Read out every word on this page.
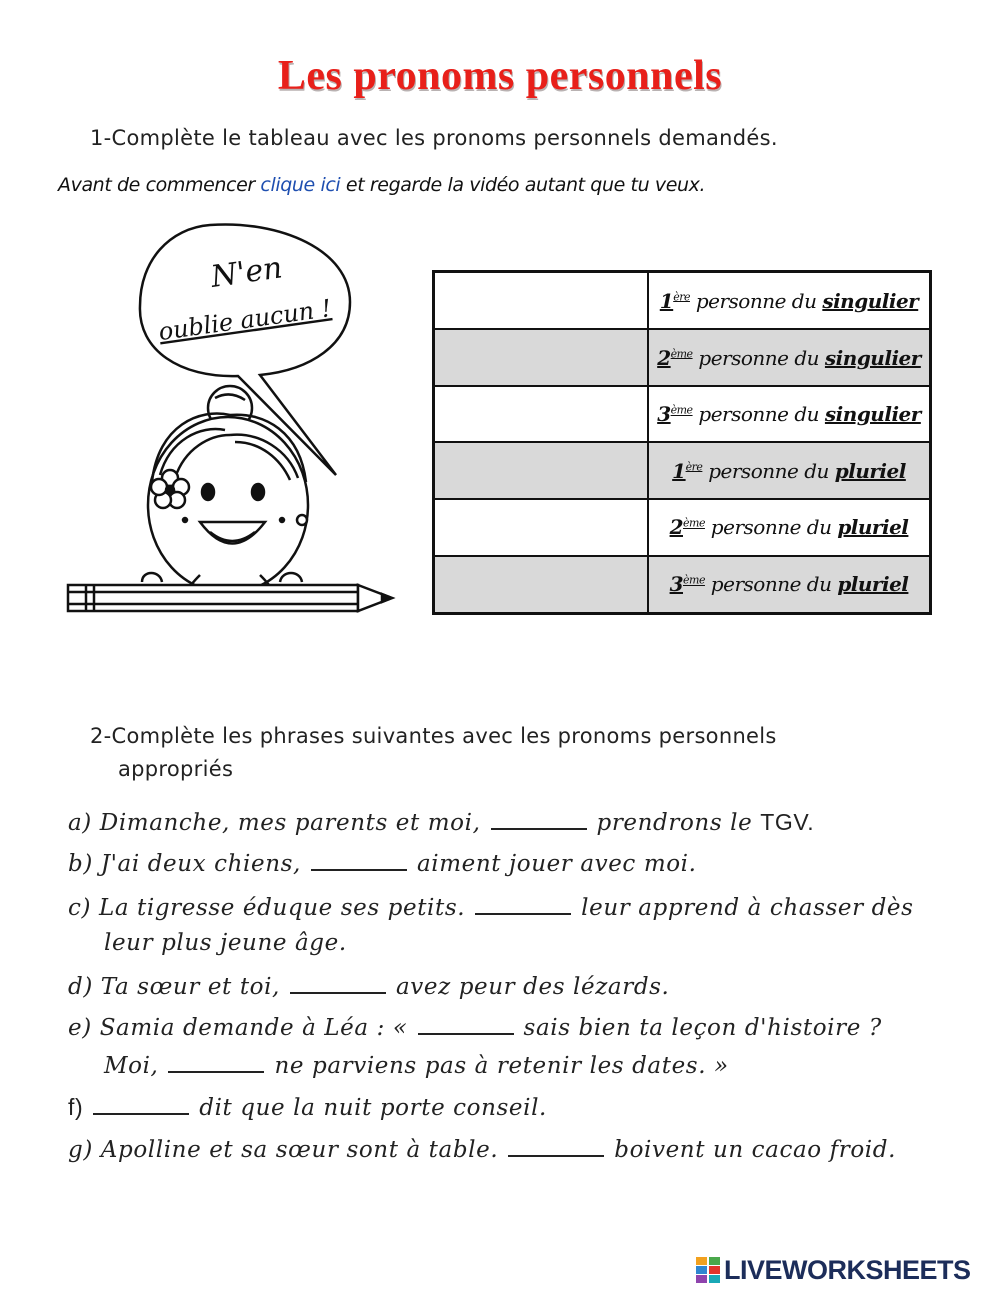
Les pronoms personnels
1-Complète le tableau avec les pronoms personnels demandés.
Avant de commencer clique ici et regarde la vidéo autant que tu veux.
N'en
oublie aucun !
		1ère personne du singulier
	2ème personne du singulier
	3ème personne du singulier
	1ère personne du pluriel
	2ème personne du pluriel
	3ème personne du pluriel
2-Complète les phrases suivantes avec les pronoms personnels
appropriés
a) Dimanche, mes parents et moi,	prendrons le TGV.
b) J'ai deux chiens,	aiment jouer avec moi.
c) La tigresse éduque ses petits.	leur apprend à chasser dès
leur plus jeune âge.
d) Ta sœur et toi,	avez peur des lézards.
e) Samia demande à Léa : «	sais bien ta leçon d'histoire ?
Moi,	ne parviens pas à retenir les dates. »
f)	dit que la nuit porte conseil.
g) Apolline et sa sœur sont à table.	boivent un cacao froid.
LIVEWORKSHEETS
